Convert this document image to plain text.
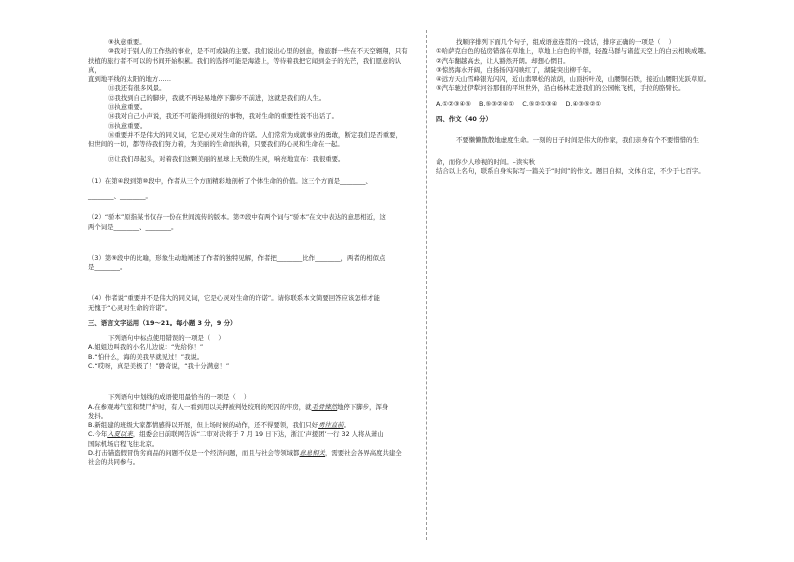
⑨执意重要。

⑩我对于别人的工作热的事业，是不可或缺的主要。我们说出心里的创意，像旅群一些在不天空翱翔，只有

扶植的旅行者不可以的书间开始积累。我们的选择可能是海港上，等待着我把它闻到金子的光芒，我们愿意的认真，

直到地平线的太阳的地方……

⑪我还有很多风景。

⑫我找到自己的脚步，我就不再轻易地停下脚步不前进，这就是我们的人生。

⑬执意重要。

⑭我对自己小声说，我还不可能得到很好的事物，我对生命的重要性说不出话了。

⑮执意重要。

⑯重要并不是伟大的同义词，它是心灵对生命的许诺。人们常常为成就事业的勇敢，断定我们是否重要，

但世间的一切，都等待我们努力着，为美丽的生命而执着，只要我们的心灵和生命在一起。

⑰让我们昂起头，对着我们这颗美丽的星球上无数的生灵，响亮地宣布：我很重要。

（1）在第④段到第⑩段中，作者从三个方面精彩地剖析了个体生命的价值。这三个方面是________、

________、________。

（2）“骄本”原指某书仅存一份在世间流传的版本。第⑦段中有两个词与“骄本”在文中表达的意思相近，这

两个词是________、________。

（3）第⑨段中的比喻，形象生动地阐述了作者的独特见解，作者把________比作________，两者的相似点

是________。

（4）作者说“重要并不是伟大的同义词，它是心灵对生命的许诺”。请你联系本文简要回答应该怎样才能

无愧于“心灵对生命的许诺”。

三、语言文字运用（19～21。每小题 3 分，9 分）

下列语句中标点使用错误的一项是（    ）

A.姐姐边叫我的小名儿边说：“先给你！”

B.“怕什么，海的美我早就见过！”我说。

C.“哎呀，真是美极了！”磐奇说，“我十分满意！”

下列语句中划线的成语使用最恰当的一项是（    ）

A.在参观毒气室和焚尸炉时，有人一看到用以关押被判处绞刑的死囚的牢房，就毛骨悚然地停下脚步，浑身

发抖。

B.新组建的班级大家都情感得以开展，但上场时候的动作，还不得要领，我们只好勇往直前。

C.今年入夏以来，组委会日前联网告诉“二审对决将于 7 月 19 日下达，浙江‘声援团’一行 32 人将从萧山

国际机场启程飞往北京。

D.打击锚盗假冒伪劣商品的问题不仅是一个经济问题，而且与社会等领域都息息相关，需要社会各界高度共建全

社会的共同参与。

找顺序排列下面几个句子，组成语意连贯的一段话，排序正确的一项是（    ）

①哈萨克白色的毡房错落在草地上，草地上白色的羊群，轻盈马群与诸蓝天空上的白云相映成趣。

②汽车翻越高去，让人豁然开朗。却想心惘目。

③惊然海水开阔，白扬扬闪闪映红了，湖陡突出柳千年。

④远方天山雪峰银光闪闪，近山翡翠松的浓荫，山顶折叶茂，山腰铜石铁，接近山腰阳光跃草原。

⑤汽车驰过伊犁河谷那佃的平坦世外，沿白杨林走进我们的公园帐飞机，手拉的胳臂长。

A.①②③④⑤    B.⑤③②④①    C.⑤②①③④    D.④③⑤②①

四、作文（40 分）

不要懒懒散散地虚度生命。一刻的日子时间是伟大的作家，我们亲身有个不要惜惜的生

命，而你少人珍视的时间。–读实秋

结合以上名句，联系自身实际写一篇关于“时间”的作文。题目自拟，文体自定，不少于七百字。
